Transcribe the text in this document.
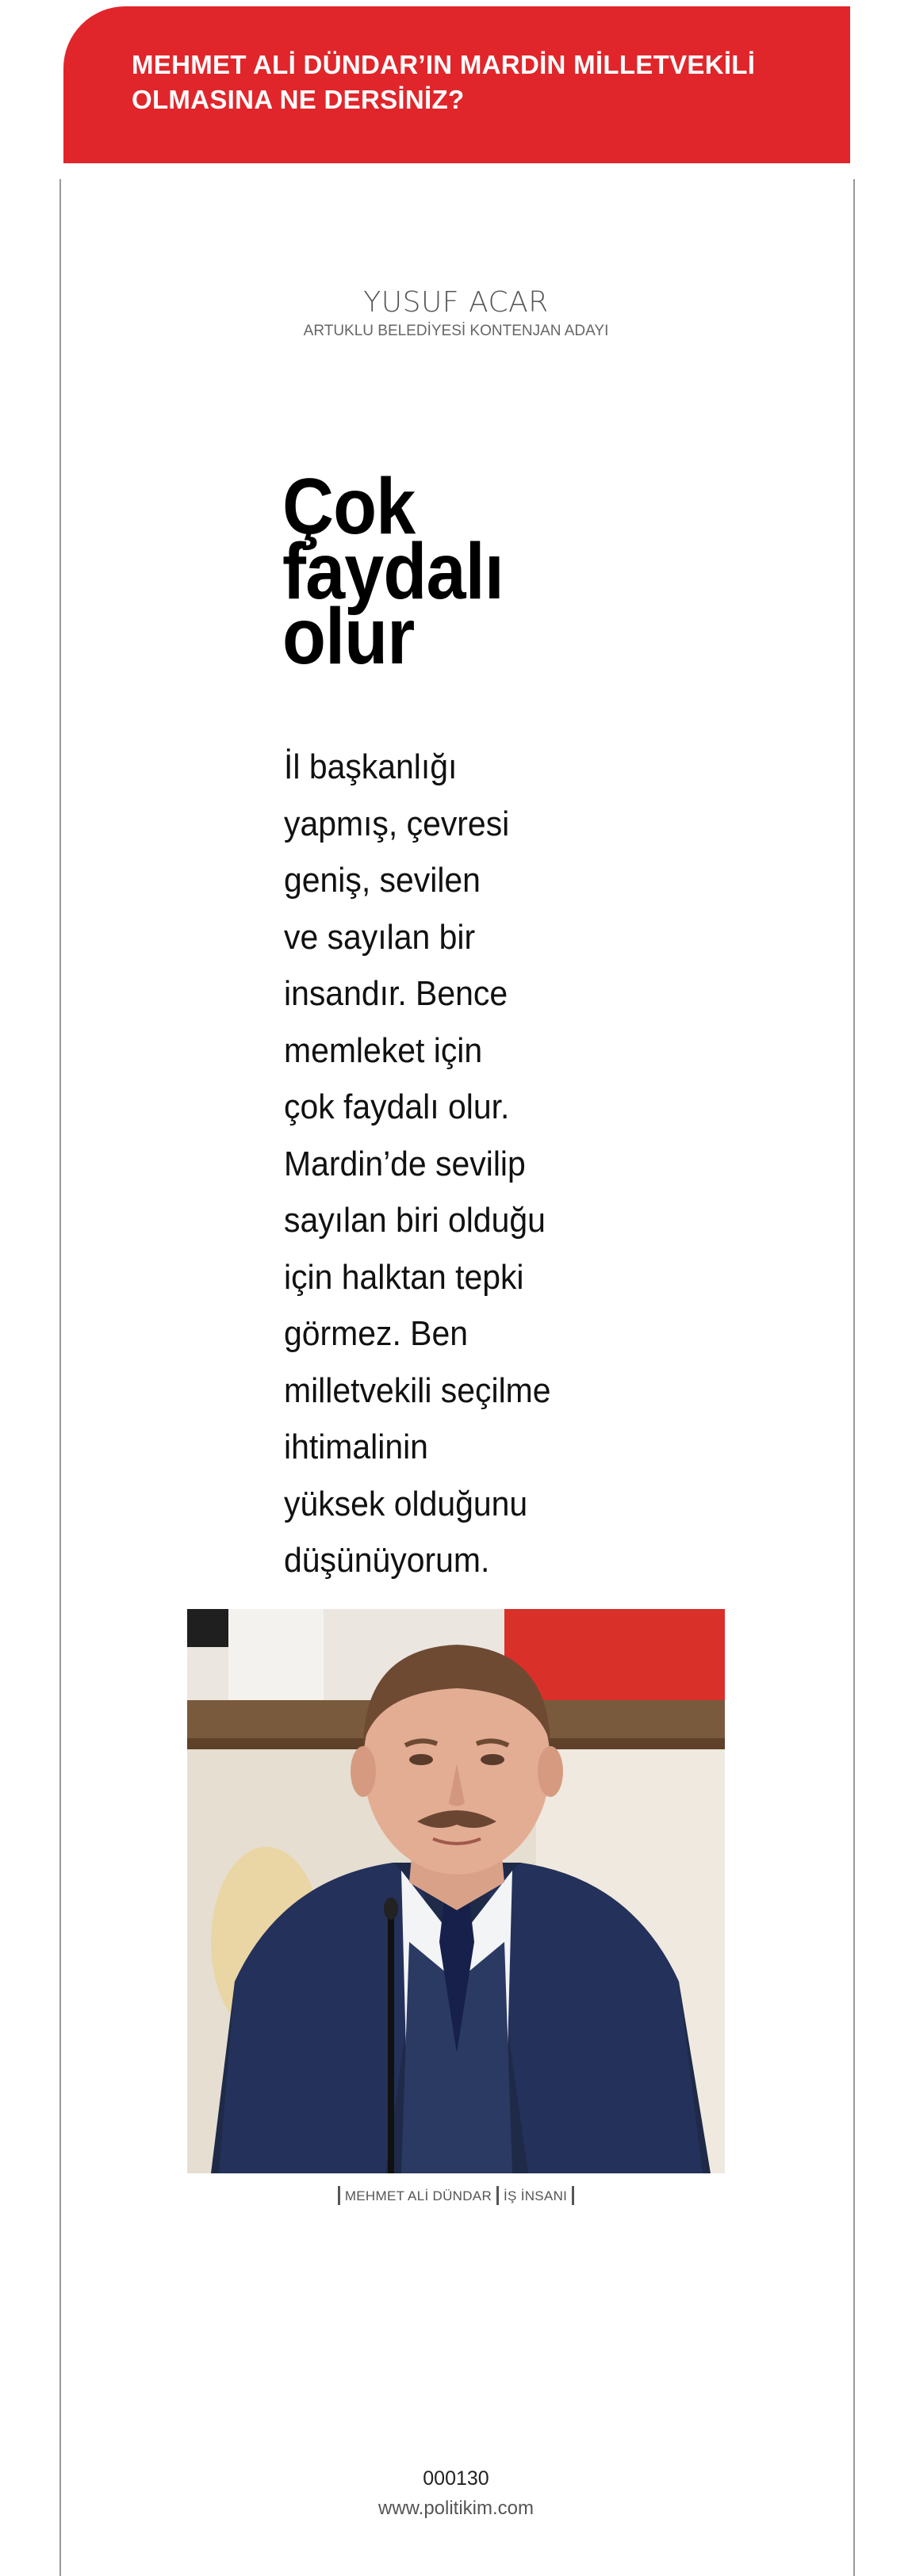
MEHMET ALİ DÜNDAR’IN MARDİN MİLLETVEKİLİ OLMASINA NE DERSİNİZ?
YUSUF ACAR
ARTUKLU BELEDİYESİ KONTENJAN ADAYI
Çok
faydalı
olur
İl başkanlığı
yapmış, çevresi
geniş, sevilen
ve sayılan bir
insandır. Bence
memleket için
çok faydalı olur.
Mardin’de sevilip
sayılan biri olduğu
için halktan tepki
görmez. Ben
milletvekili seçilme
ihtimalinin
yüksek olduğunu
düşünüyorum.
MEHMET ALİ DÜNDAR İŞ İNSANI
000130
www.politikim.com
